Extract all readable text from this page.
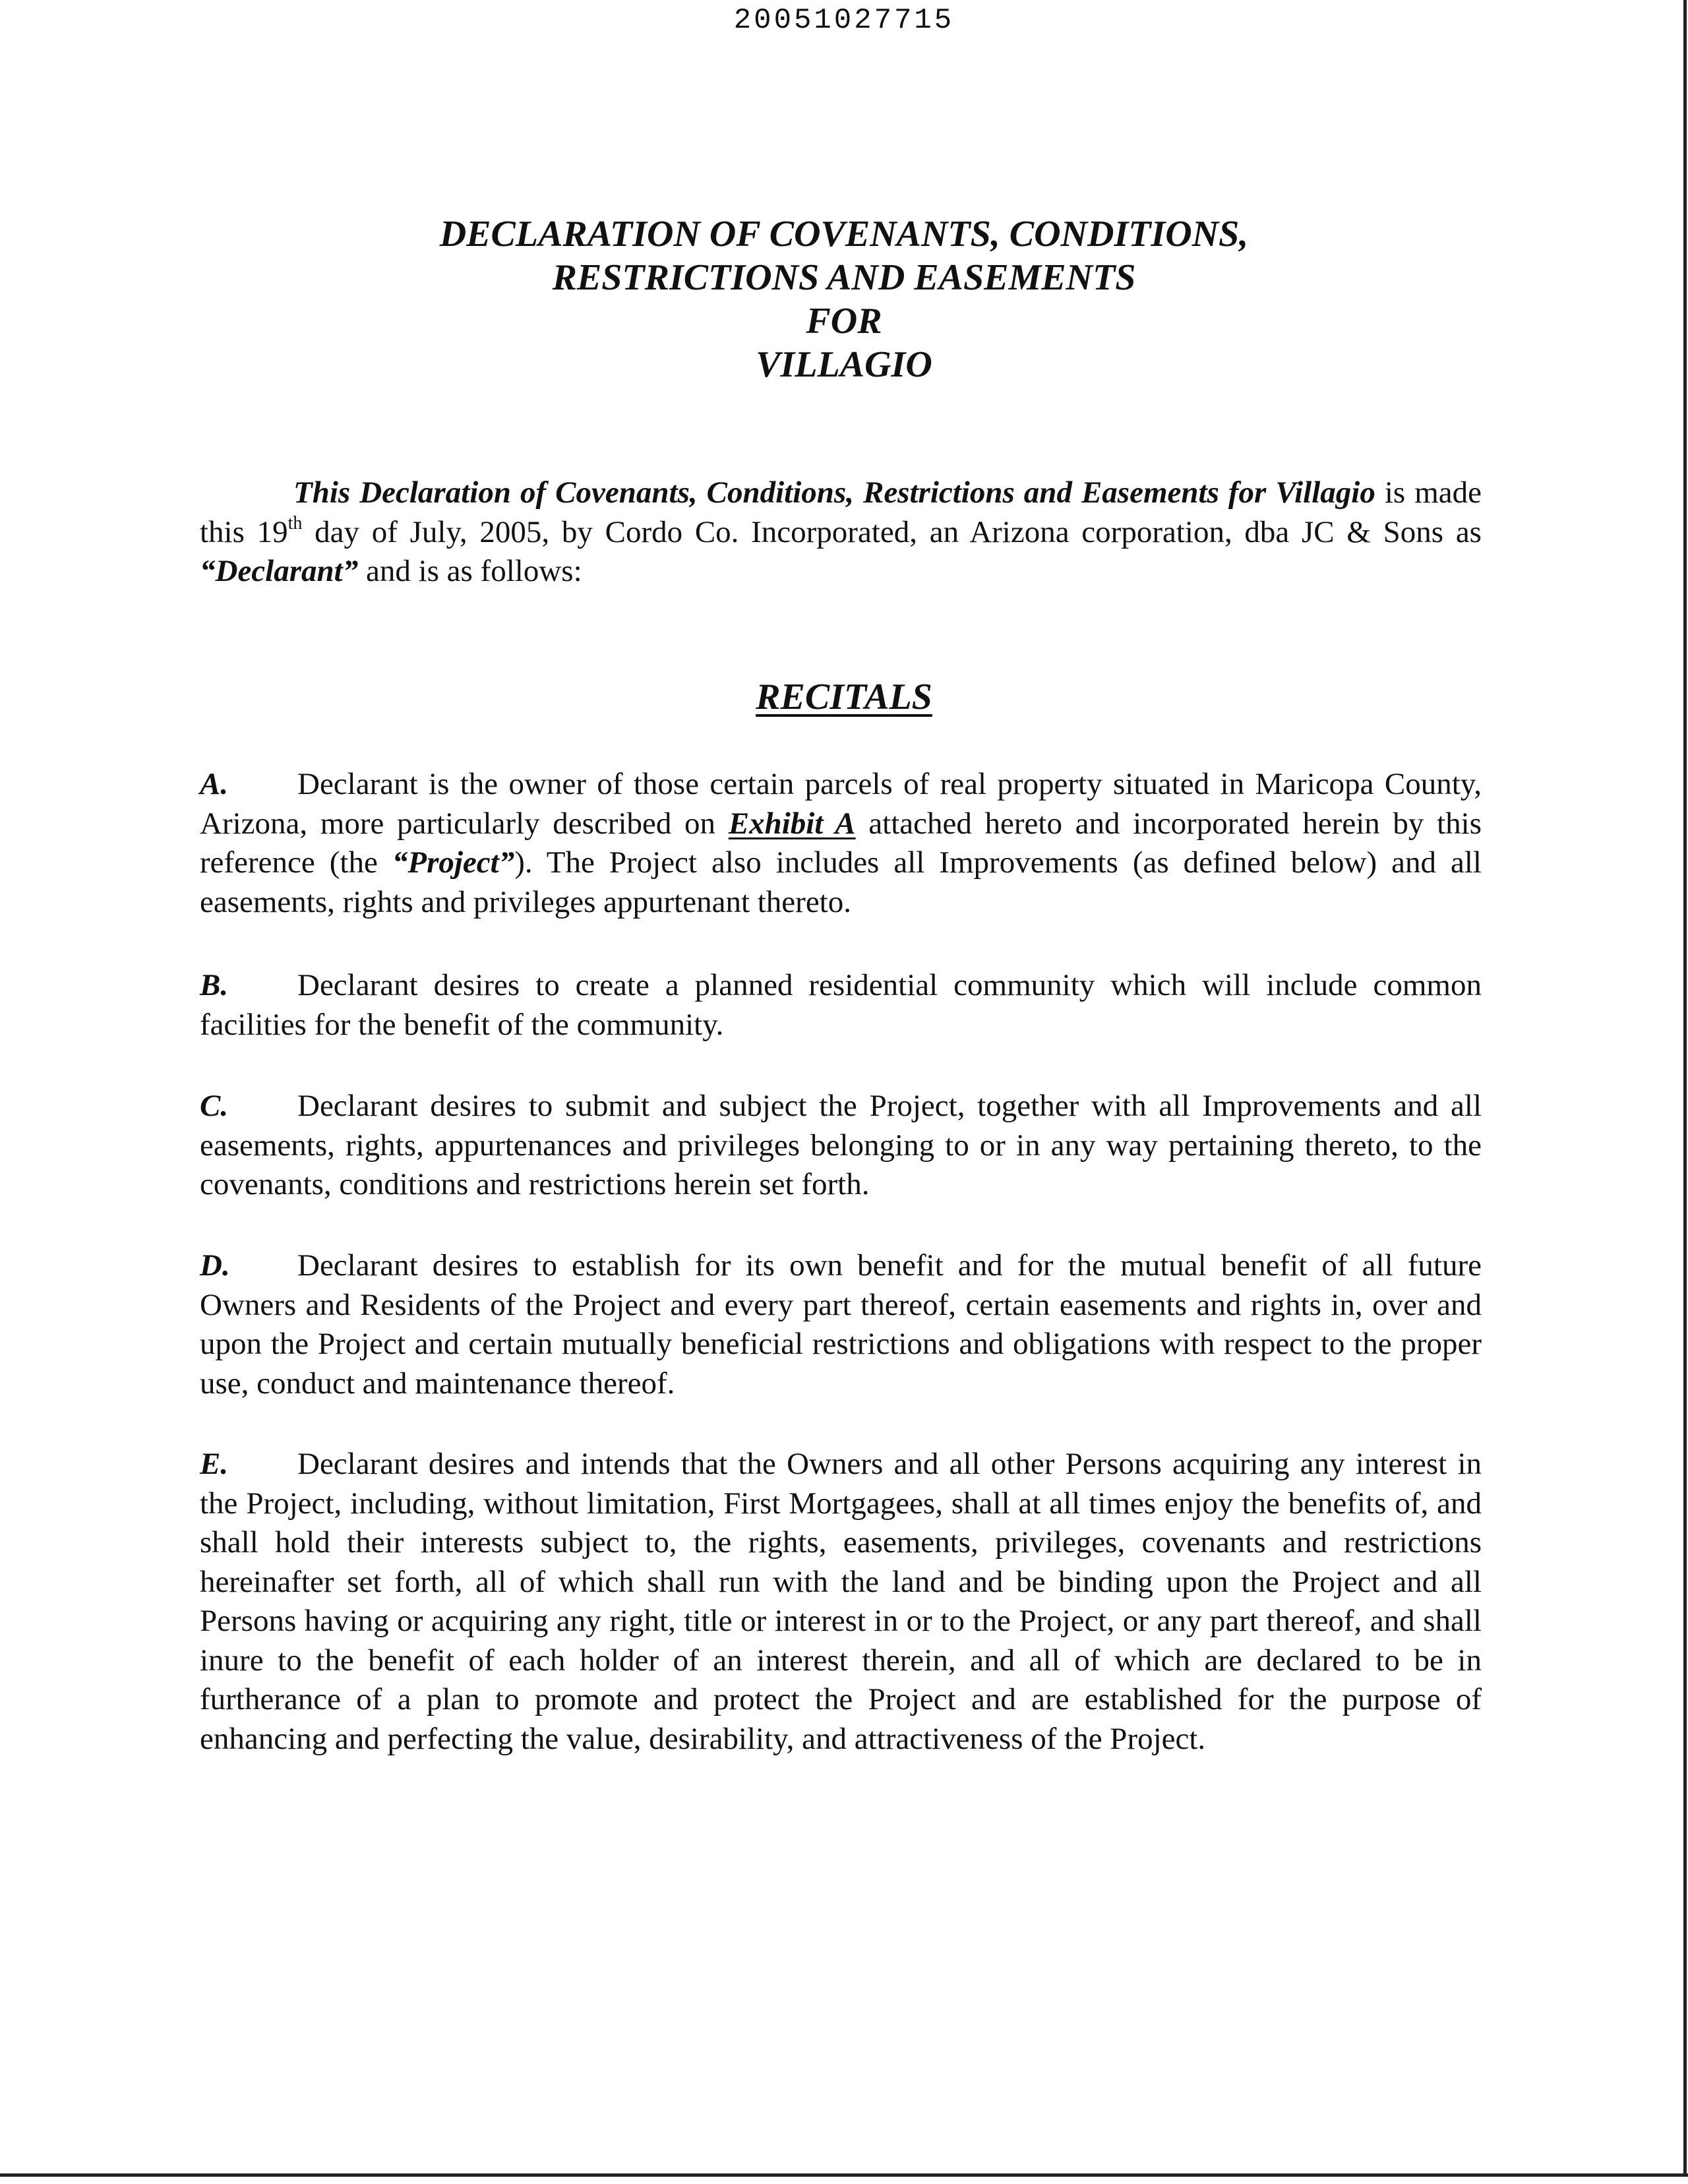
20051027715
DECLARATION OF COVENANTS, CONDITIONS,
RESTRICTIONS AND EASEMENTS
FOR
VILLAGIO
This Declaration of Covenants, Conditions, Restrictions and Easements for Villagio is made this 19th day of July, 2005, by Cordo Co. Incorporated, an Arizona corporation, dba JC & Sons as “Declarant” and is as follows:
RECITALS
A. Declarant is the owner of those certain parcels of real property situated in Maricopa County, Arizona, more particularly described on Exhibit A attached hereto and incorporated herein by this reference (the “Project”). The Project also includes all Improvements (as defined below) and all easements, rights and privileges appurtenant thereto.
B. Declarant desires to create a planned residential community which will include common facilities for the benefit of the community.
C. Declarant desires to submit and subject the Project, together with all Improvements and all easements, rights, appurtenances and privileges belonging to or in any way pertaining thereto, to the covenants, conditions and restrictions herein set forth.
D. Declarant desires to establish for its own benefit and for the mutual benefit of all future Owners and Residents of the Project and every part thereof, certain easements and rights in, over and upon the Project and certain mutually beneficial restrictions and obligations with respect to the proper use, conduct and maintenance thereof.
E. Declarant desires and intends that the Owners and all other Persons acquiring any interest in the Project, including, without limitation, First Mortgagees, shall at all times enjoy the benefits of, and shall hold their interests subject to, the rights, easements, privileges, covenants and restrictions hereinafter set forth, all of which shall run with the land and be binding upon the Project and all Persons having or acquiring any right, title or interest in or to the Project, or any part thereof, and shall inure to the benefit of each holder of an interest therein, and all of which are declared to be in furtherance of a plan to promote and protect the Project and are established for the purpose of enhancing and perfecting the value, desirability, and attractiveness of the Project.
